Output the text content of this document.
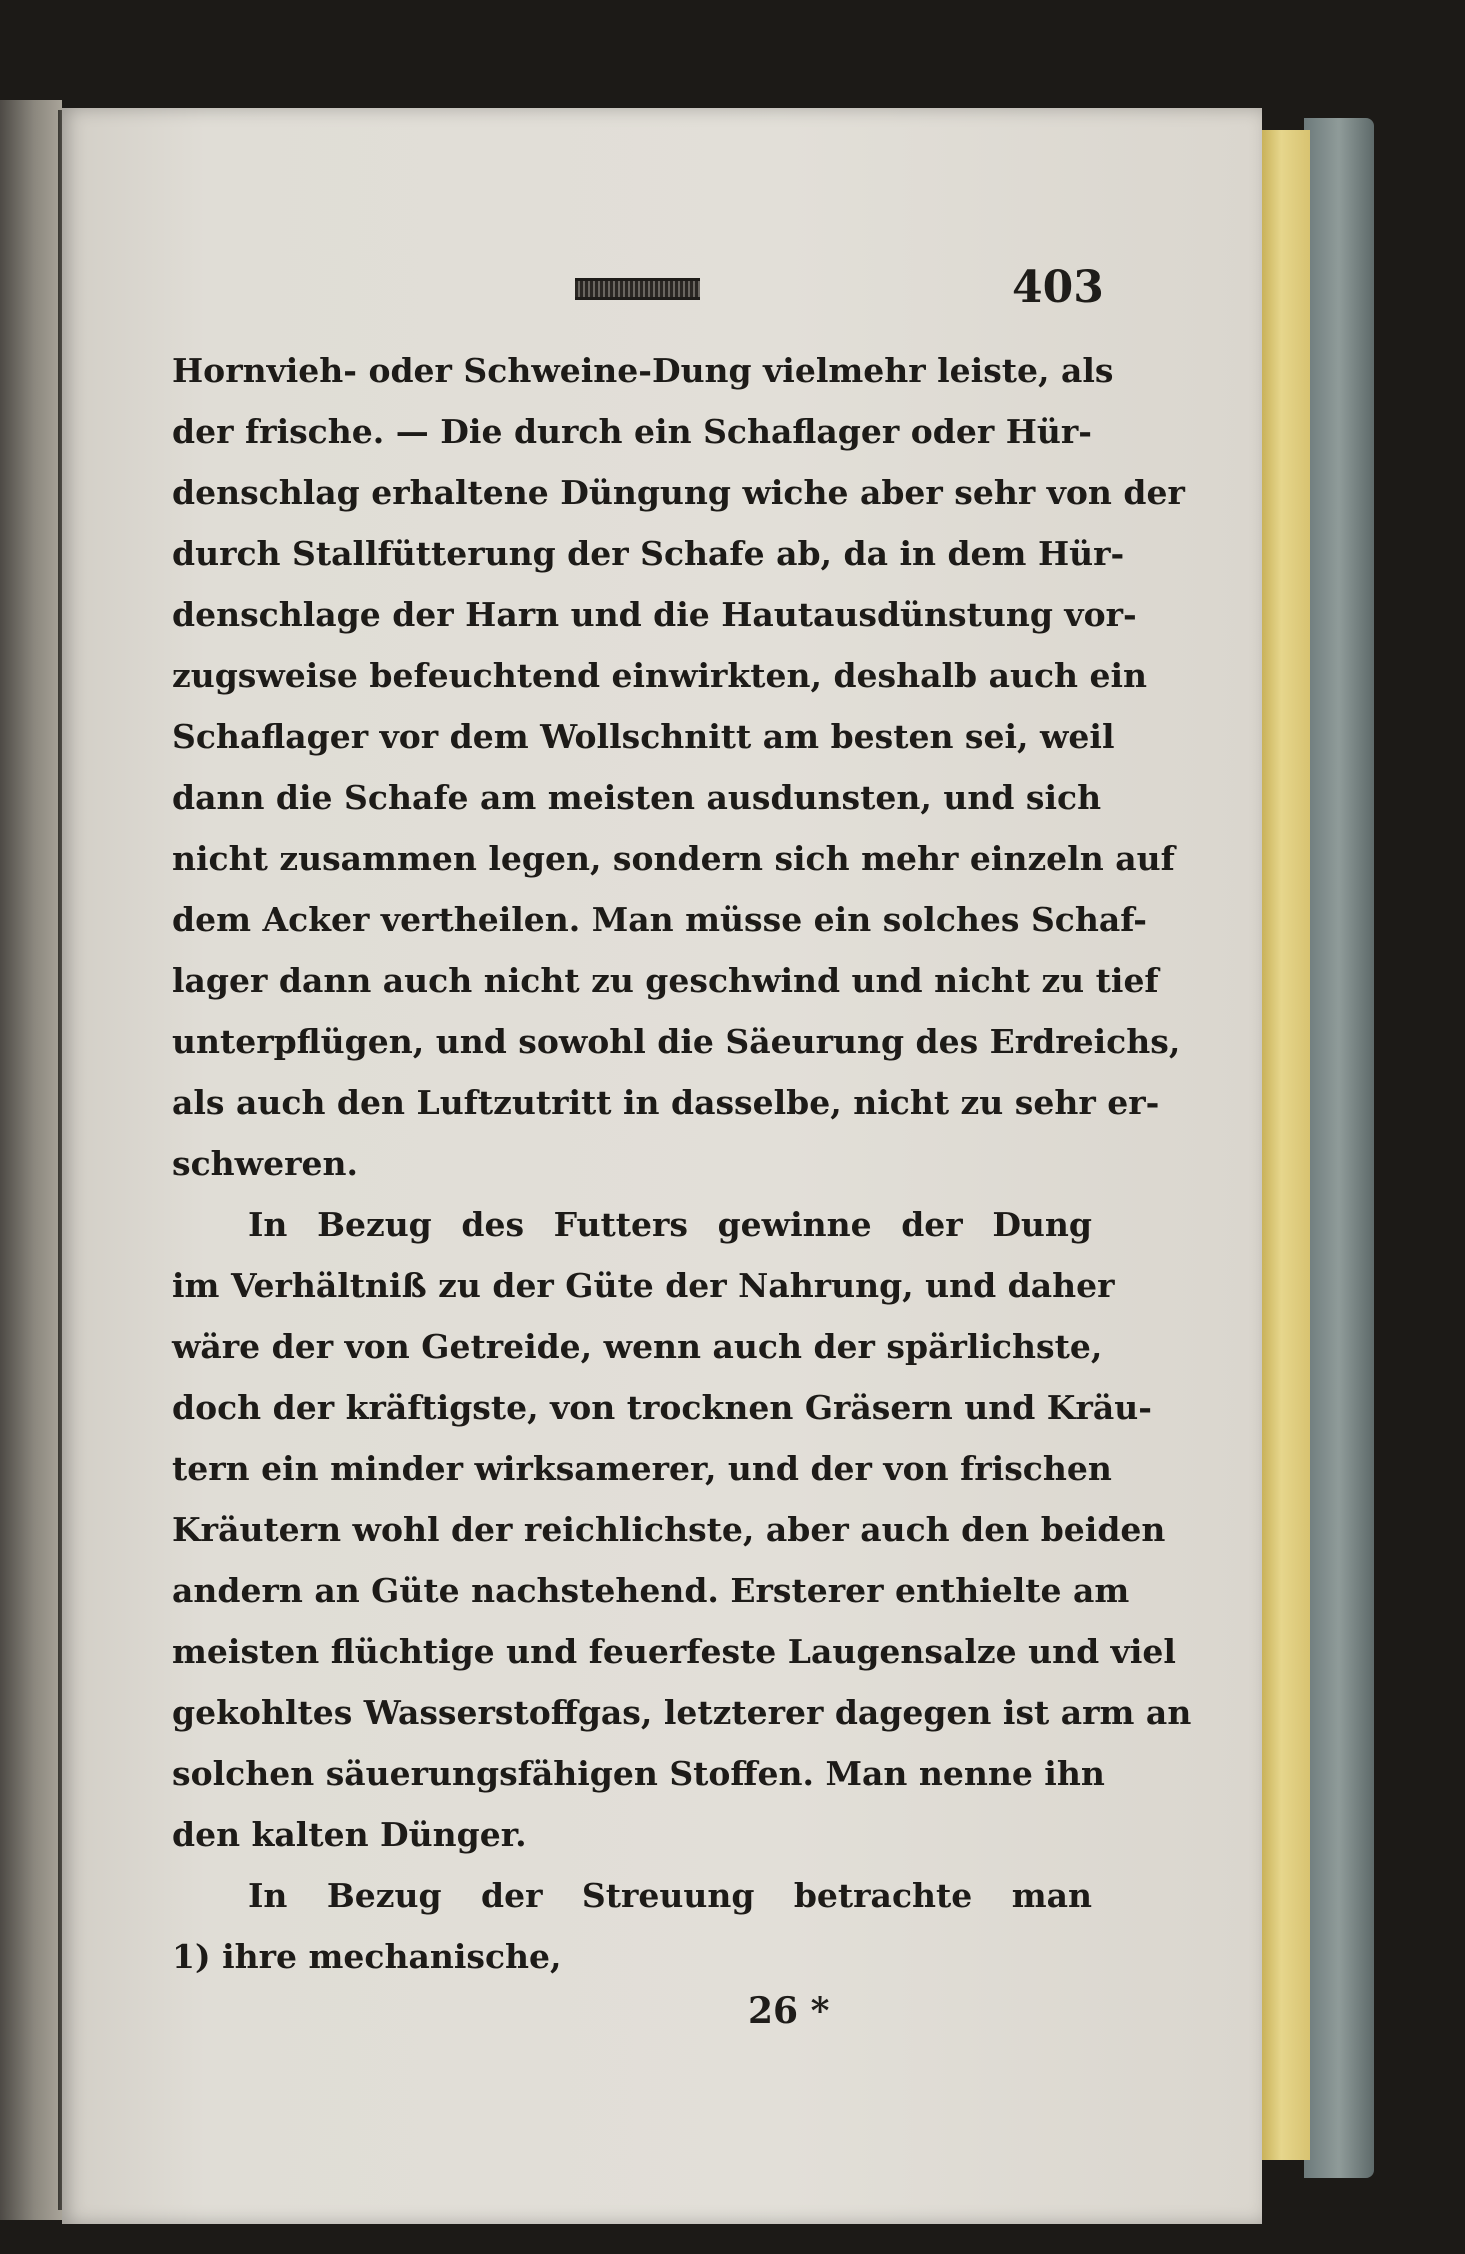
403
Hornvieh- oder Schweine-Dung vielmehr leiste, als
der frische. — Die durch ein Schaflager oder Hür-
denschlag erhaltene Düngung wiche aber sehr von der
durch Stallfütterung der Schafe ab, da in dem Hür-
denschlage der Harn und die Hautausdünstung vor-
zugsweise befeuchtend einwirkten, deshalb auch ein
Schaflager vor dem Wollschnitt am besten sei, weil
dann die Schafe am meisten ausdunsten, und sich
nicht zusammen legen, sondern sich mehr einzeln auf
dem Acker vertheilen. Man müsse ein solches Schaf-
lager dann auch nicht zu geschwind und nicht zu tief
unterpflügen, und sowohl die Säeurung des Erdreichs,
als auch den Luftzutritt in dasselbe, nicht zu sehr er-
schweren.
In Bezug des Futters gewinne der Dung
im Verhältniß zu der Güte der Nahrung, und daher
wäre der von Getreide, wenn auch der spärlichste,
doch der kräftigste, von trocknen Gräsern und Kräu-
tern ein minder wirksamerer, und der von frischen
Kräutern wohl der reichlichste, aber auch den beiden
andern an Güte nachstehend. Ersterer enthielte am
meisten flüchtige und feuerfeste Laugensalze und viel
gekohltes Wasserstoffgas, letzterer dagegen ist arm an
solchen säuerungsfähigen Stoffen. Man nenne ihn
den kalten Dünger.
In Bezug der Streuung betrachte man
1) ihre mechanische,
26 *
